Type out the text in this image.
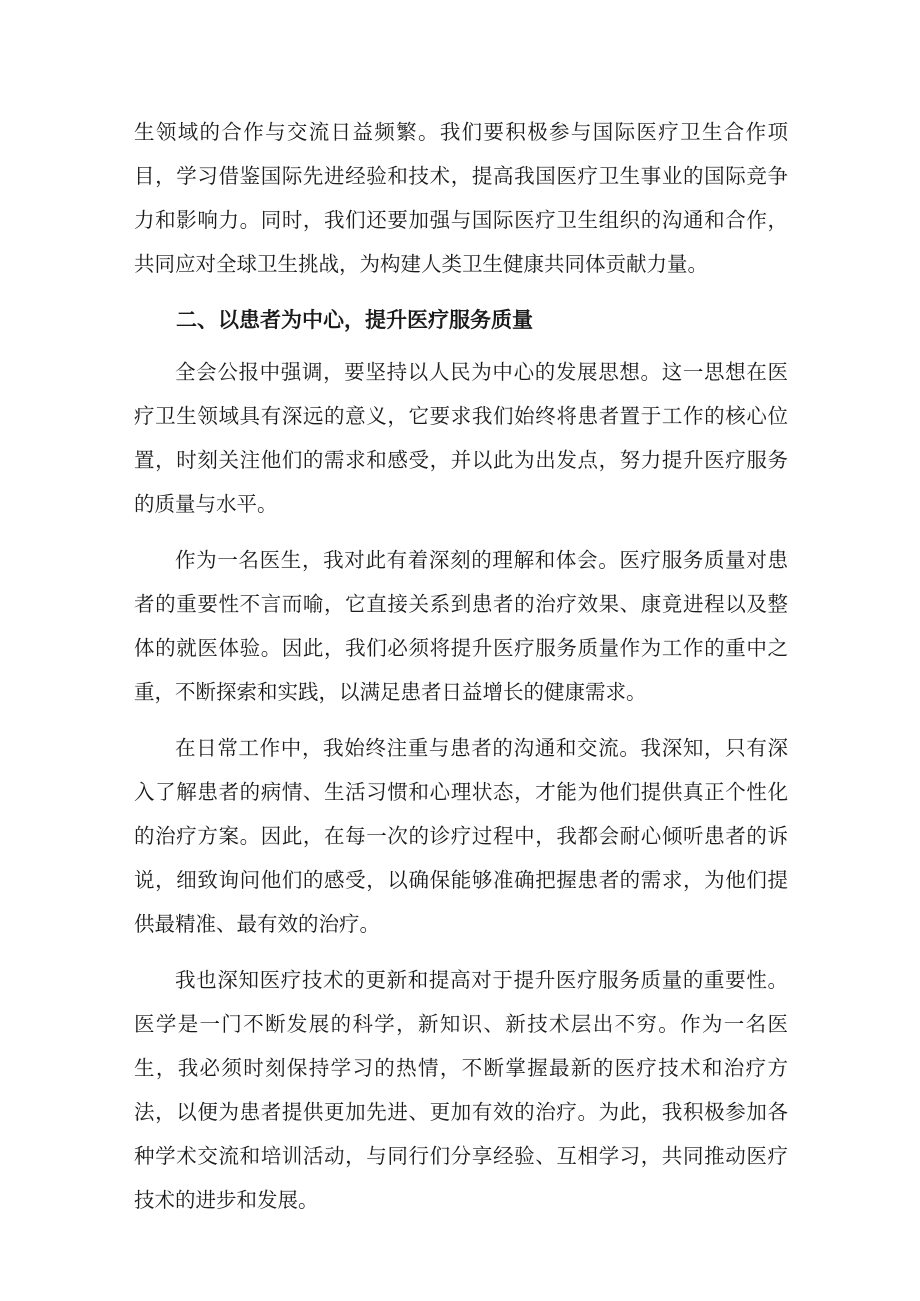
生领域的合作与交流日益频繁。我们要积极参与国际医疗卫生合作项目，学习借鉴国际先进经验和技术，提高我国医疗卫生事业的国际竞争力和影响力。同时，我们还要加强与国际医疗卫生组织的沟通和合作，共同应对全球卫生挑战，为构建人类卫生健康共同体贡献力量。

二、以患者为中心，提升医疗服务质量

全会公报中强调，要坚持以人民为中心的发展思想。这一思想在医疗卫生领域具有深远的意义，它要求我们始终将患者置于工作的核心位置，时刻关注他们的需求和感受，并以此为出发点，努力提升医疗服务的质量与水平。

作为一名医生，我对此有着深刻的理解和体会。医疗服务质量对患者的重要性不言而喻，它直接关系到患者的治疗效果、康竟进程以及整体的就医体验。因此，我们必须将提升医疗服务质量作为工作的重中之重，不断探索和实践，以满足患者日益增长的健康需求。

在日常工作中，我始终注重与患者的沟通和交流。我深知，只有深入了解患者的病情、生活习惯和心理状态，才能为他们提供真正个性化的治疗方案。因此，在每一次的诊疗过程中，我都会耐心倾听患者的诉说，细致询问他们的感受，以确保能够准确把握患者的需求，为他们提供最精准、最有效的治疗。

我也深知医疗技术的更新和提高对于提升医疗服务质量的重要性。医学是一门不断发展的科学，新知识、新技术层出不穷。作为一名医生，我必须时刻保持学习的热情，不断掌握最新的医疗技术和治疗方法，以便为患者提供更加先进、更加有效的治疗。为此，我积极参加各种学术交流和培训活动，与同行们分享经验、互相学习，共同推动医疗技术的进步和发展。
